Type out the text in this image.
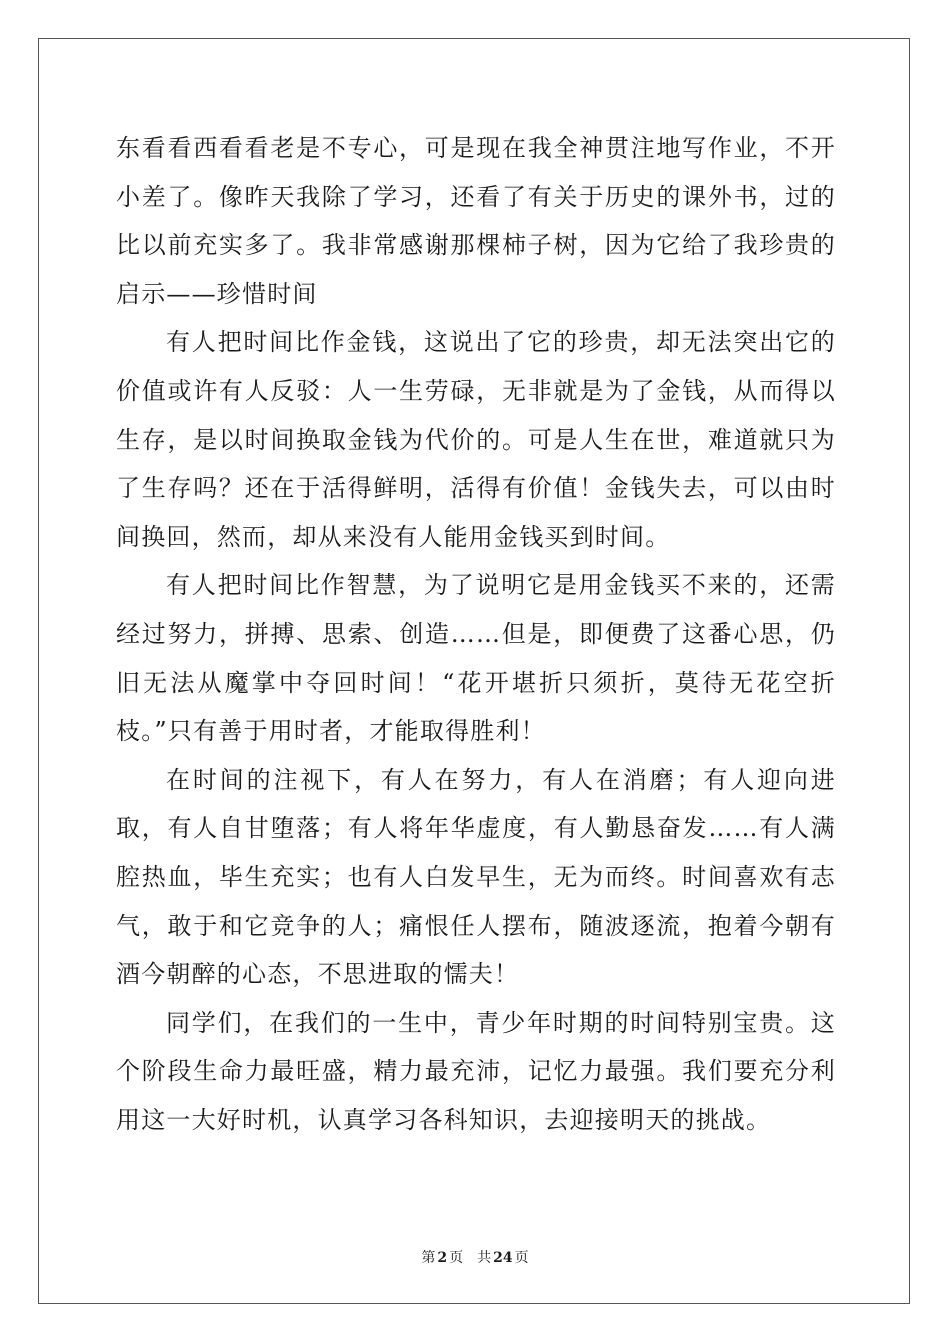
东看看西看看老是不专心，可是现在我全神贯注地写作业，不开小差了。像昨天我除了学习，还看了有关于历史的课外书，过的比以前充实多了。我非常感谢那棵柿子树，因为它给了我珍贵的启示——珍惜时间

有人把时间比作金钱，这说出了它的珍贵，却无法突出它的价值或许有人反驳：人一生劳碌，无非就是为了金钱，从而得以生存，是以时间换取金钱为代价的。可是人生在世，难道就只为了生存吗？还在于活得鲜明，活得有价值！金钱失去，可以由时间换回，然而，却从来没有人能用金钱买到时间。

有人把时间比作智慧，为了说明它是用金钱买不来的，还需经过努力，拼搏、思索、创造……但是，即便费了这番心思，仍旧无法从魔掌中夺回时间！“花开堪折只须折，莫待无花空折枝。”只有善于用时者，才能取得胜利！

在时间的注视下，有人在努力，有人在消磨；有人迎向进取，有人自甘堕落；有人将年华虚度，有人勤恳奋发……有人满腔热血，毕生充实；也有人白发早生，无为而终。时间喜欢有志气，敢于和它竞争的人；痛恨任人摆布，随波逐流，抱着今朝有酒今朝醉的心态，不思进取的懦夫！

同学们，在我们的一生中，青少年时期的时间特别宝贵。这个阶段生命力最旺盛，精力最充沛，记忆力最强。我们要充分利用这一大好时机，认真学习各科知识，去迎接明天的挑战。

第 2 页 共 24 页
